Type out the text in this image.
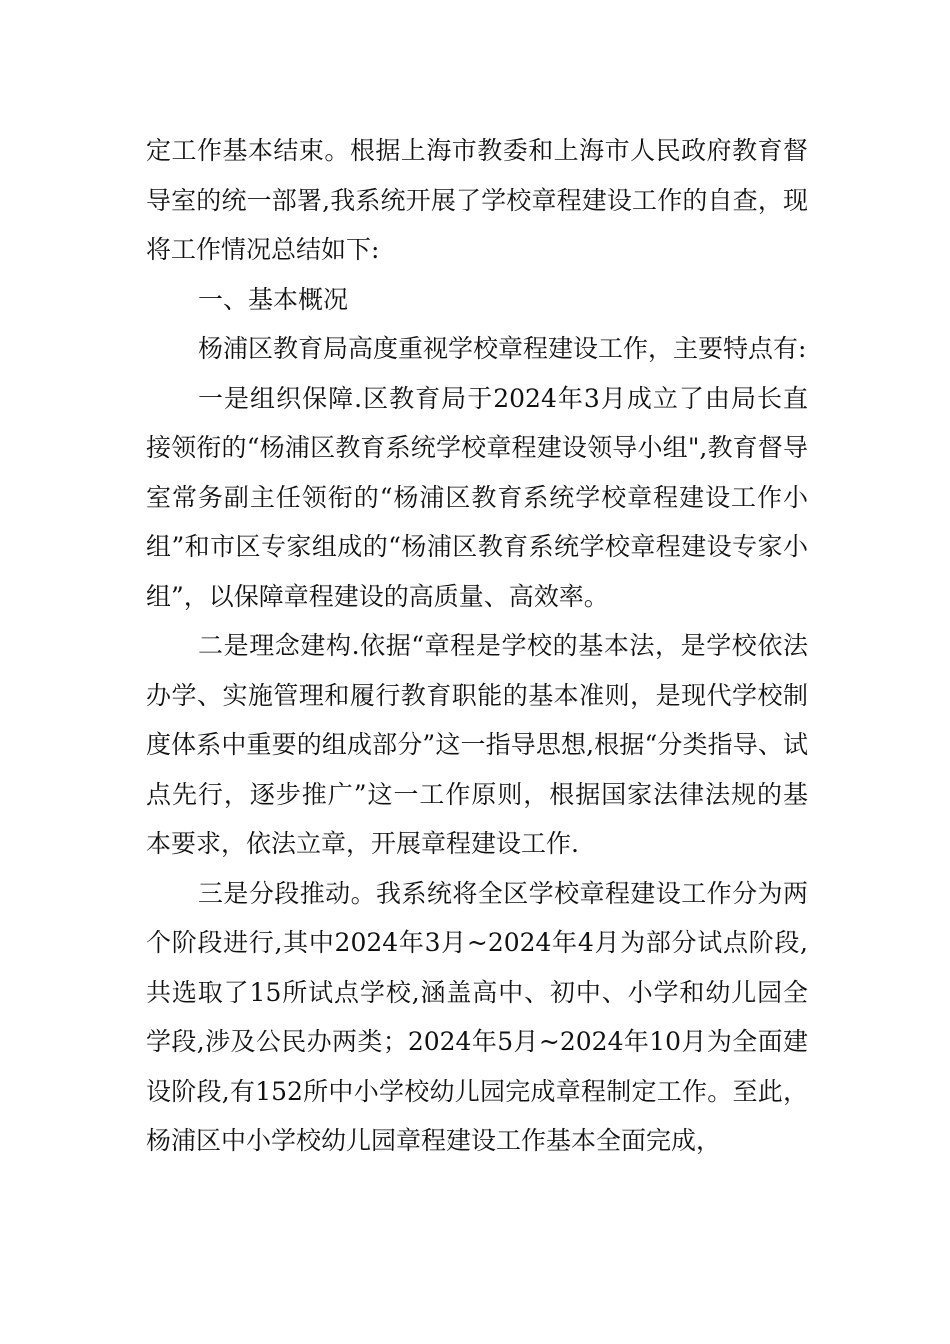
定工作基本结束。根据上海市教委和上海市人民政府教育督导室的统一部署,我系统开展了学校章程建设工作的自查，现将工作情况总结如下:

一、基本概况

杨浦区教育局高度重视学校章程建设工作，主要特点有:

一是组织保障.区教育局于2024年3月成立了由局长直接领衔的“杨浦区教育系统学校章程建设领导小组",教育督导室常务副主任领衔的“杨浦区教育系统学校章程建设工作小组”和市区专家组成的“杨浦区教育系统学校章程建设专家小组”，以保障章程建设的高质量、高效率。

二是理念建构.依据“章程是学校的基本法，是学校依法办学、实施管理和履行教育职能的基本准则，是现代学校制度体系中重要的组成部分”这一指导思想,根据“分类指导、试点先行，逐步推广”这一工作原则，根据国家法律法规的基本要求，依法立章，开展章程建设工作.

三是分段推动。我系统将全区学校章程建设工作分为两个阶段进行,其中2024年3月~2024年4月为部分试点阶段,共选取了15所试点学校,涵盖高中、初中、小学和幼儿园全学段,涉及公民办两类；2024年5月~2024年10月为全面建设阶段,有152所中小学校幼儿园完成章程制定工作。至此，杨浦区中小学校幼儿园章程建设工作基本全面完成，
